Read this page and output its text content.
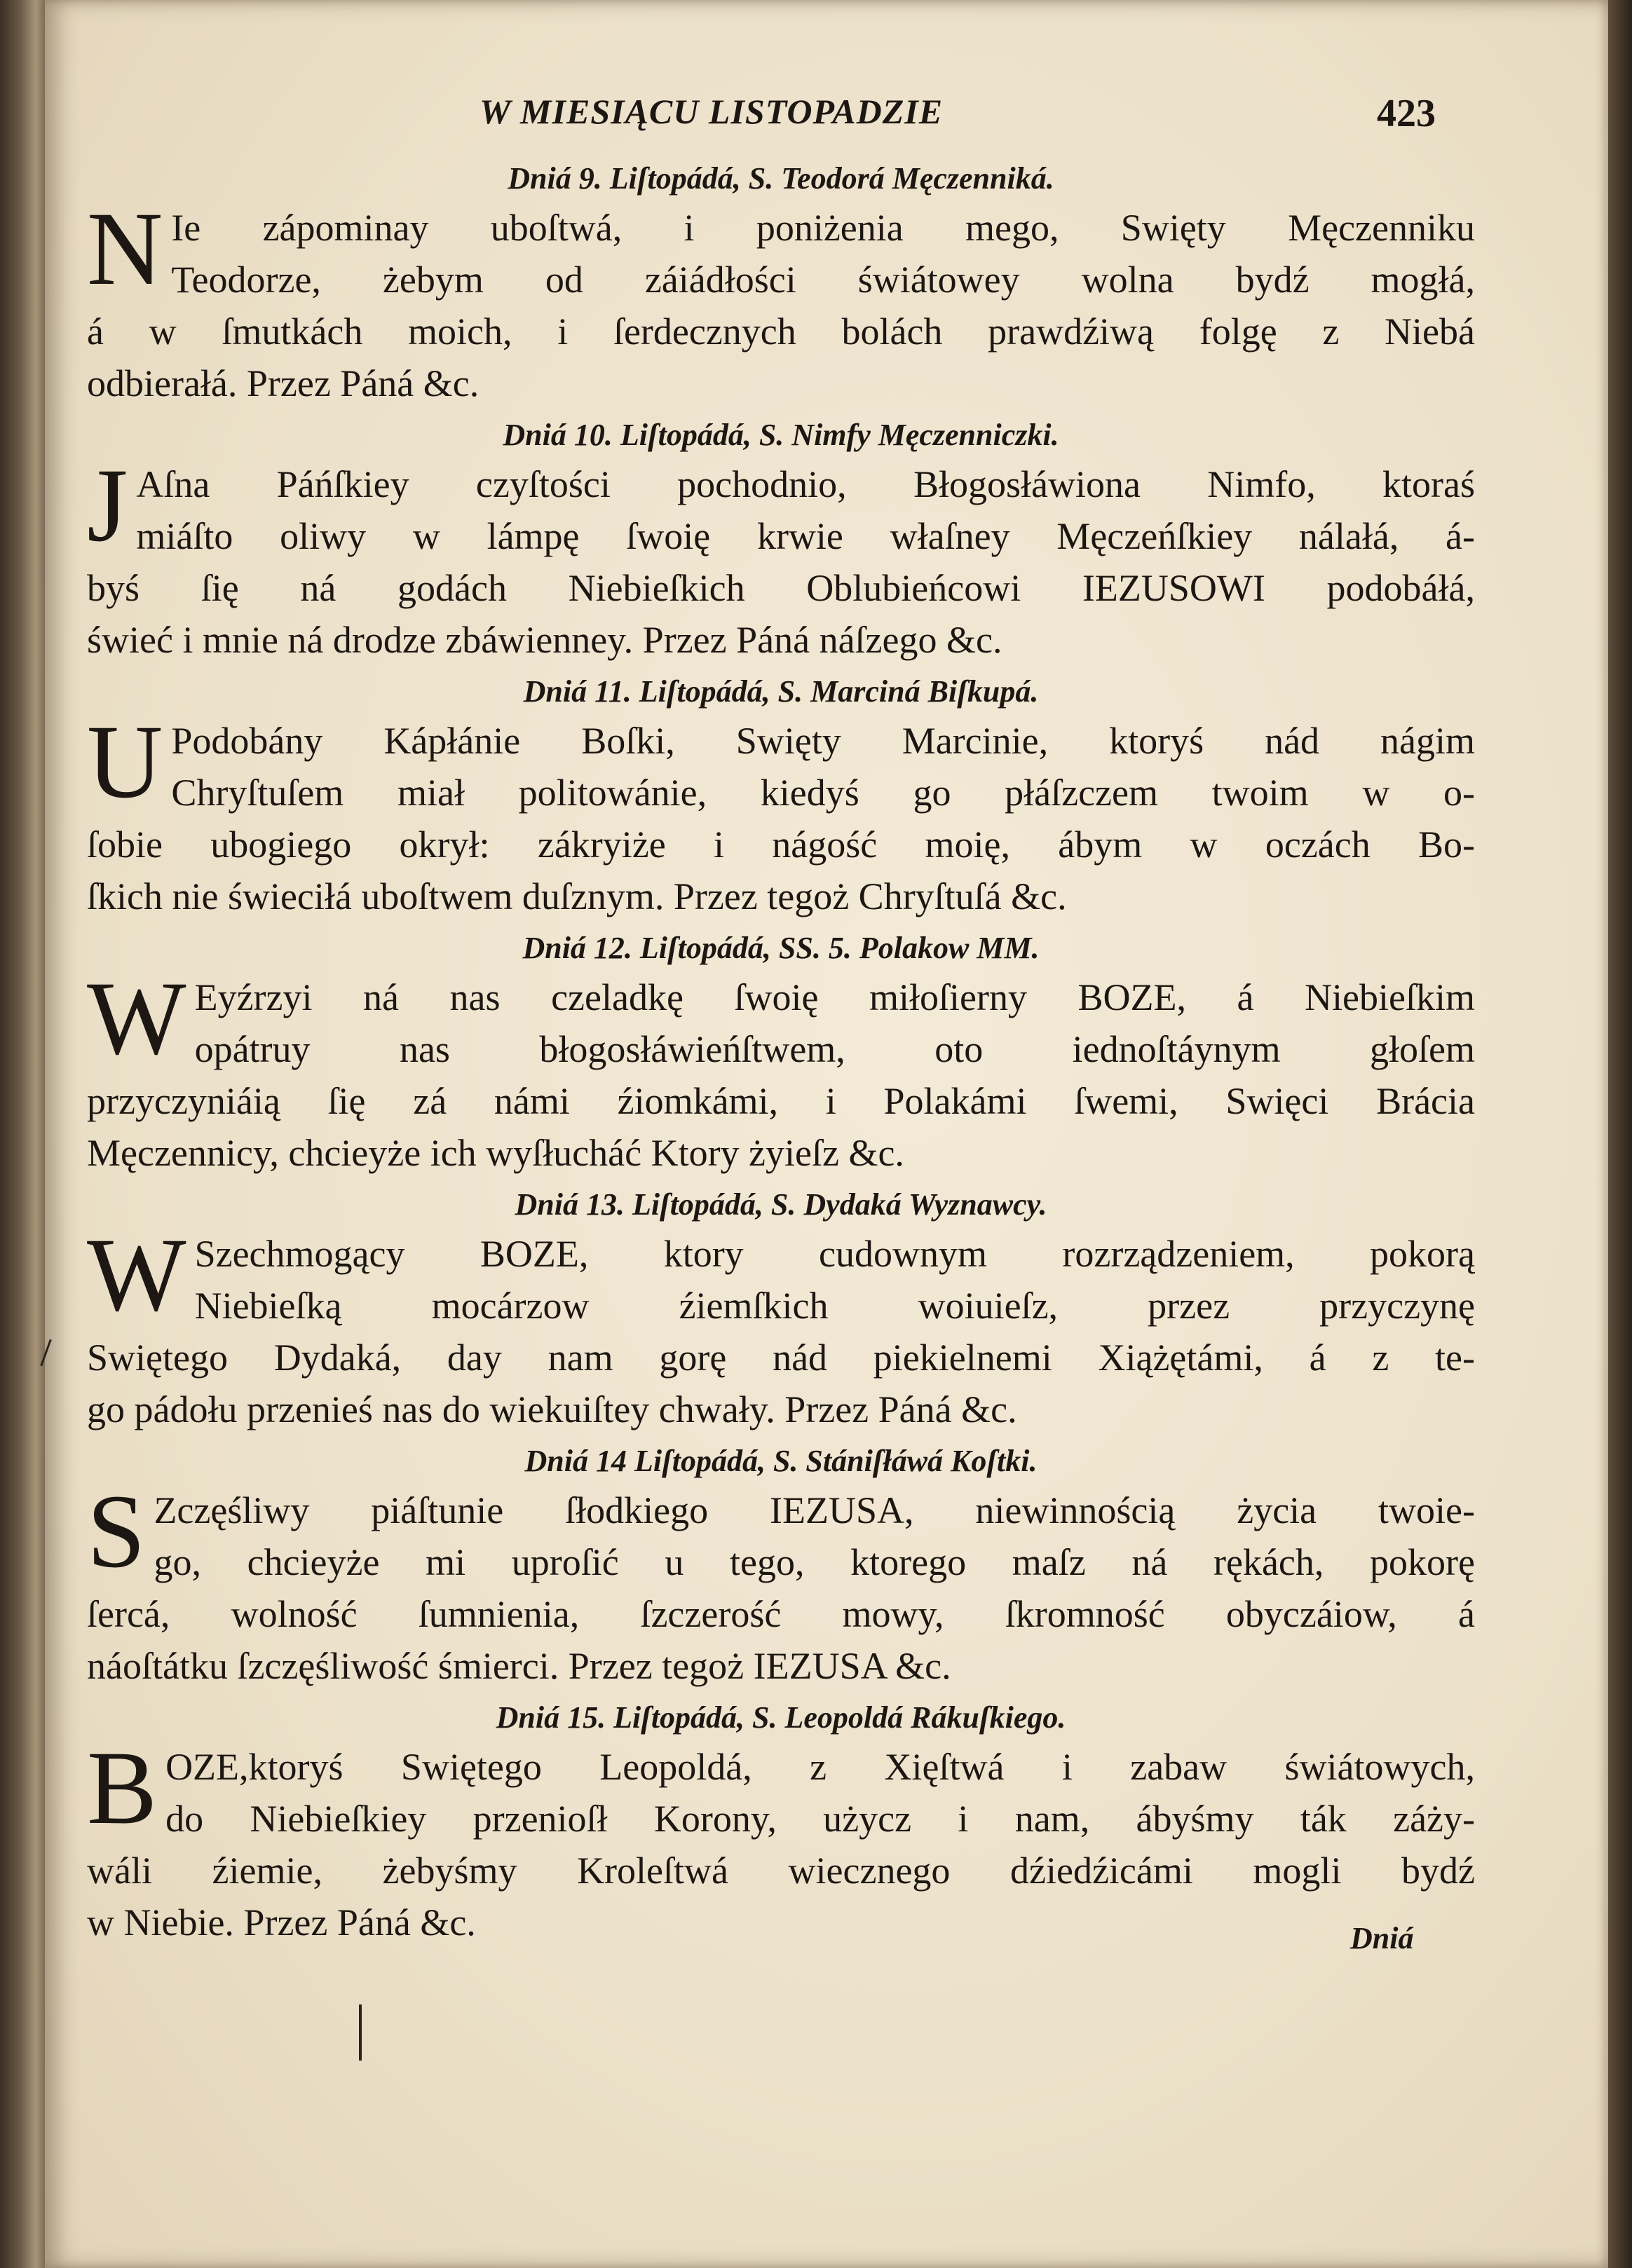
W MIESIĄCU LISTOPADZIE	423
Dniá 9. Liſtopádá, S. Teodorá Męczenniká.
N Ie zápominay uboſtwá, i poniżenia mego, Swięty Męczenniku
Teodorze, żebym od záiádłości świátowey wolna bydź mogłá,
á w ſmutkách moich, i ſerdecznych bolách prawdźiwą folgę z Niebá
odbierałá. Przez Páná &c.
Dniá 10. Liſtopádá, S. Nimfy Męczenniczki.
J Aſna Páńſkiey czyſtości pochodnio, Błogosłáwiona Nimfo, ktoraś
miáſto oliwy w lámpę ſwoię krwie właſney Męczeńſkiey nálałá, á-
byś ſię ná godách Niebieſkich Oblubieńcowi IEZUSOWI podobáłá,
świeć i mnie ná drodze zbáwienney. Przez Páná náſzego &c.
Dniá 11. Liſtopádá, S. Marciná Biſkupá.
U Podobány Kápłánie Boſki, Swięty Marcinie, ktoryś nád nágim
Chryſtuſem miał politowánie, kiedyś go płáſzczem twoim w o-
ſobie ubogiego okrył: zákryiże i nágość moię, ábym w oczách Bo-
ſkich nie świeciłá uboſtwem duſznym. Przez tegoż Chryſtuſá &c.
Dniá 12. Liſtopádá, SS. 5. Polakow MM.
W Eyźrzyi ná nas czeladkę ſwoię miłoſierny BOZE, á Niebieſkim
opátruy nas błogosłáwieńſtwem, oto iednoſtáynym głoſem
przyczyniáią ſię zá námi źiomkámi, i Polakámi ſwemi, Swięci Brácia
Męczennicy, chcieyże ich wyſłucháć Ktory żyieſz &c.
Dniá 13. Liſtopádá, S. Dydaká Wyznawcy.
W Szechmogący BOZE, ktory cudownym rozrządzeniem, pokorą
Niebieſką mocárzow źiemſkich woiuieſz, przez przyczynę
Swiętego Dydaká, day nam gorę nád piekielnemi Xiążętámi, á z te-
go pádołu przenieś nas do wiekuiſtey chwały. Przez Páná &c.
Dniá 14 Liſtopádá, S. Stániſłáwá Koſtki.
S Zczęśliwy piáſtunie ſłodkiego IEZUSA, niewinnością życia twoie-
go, chcieyże mi uproſić u tego, ktorego maſz ná rękách, pokorę
ſercá, wolność ſumnienia, ſzczerość mowy, ſkromność obyczáiow, á
náoſtátku ſzczęśliwość śmierci. Przez tegoż IEZUSA &c.
Dniá 15. Liſtopádá, S. Leopoldá Rákuſkiego.
B OZE,ktoryś Swiętego Leopoldá, z Xięſtwá i zabaw świátowych,
do Niebieſkiey przenioſł Korony, użycz i nam, ábyśmy ták záży-
wáli źiemie, żebyśmy Kroleſtwá wiecznego dźiedźicámi mogli bydź
w Niebie. Przez Páná &c.	Dniá
